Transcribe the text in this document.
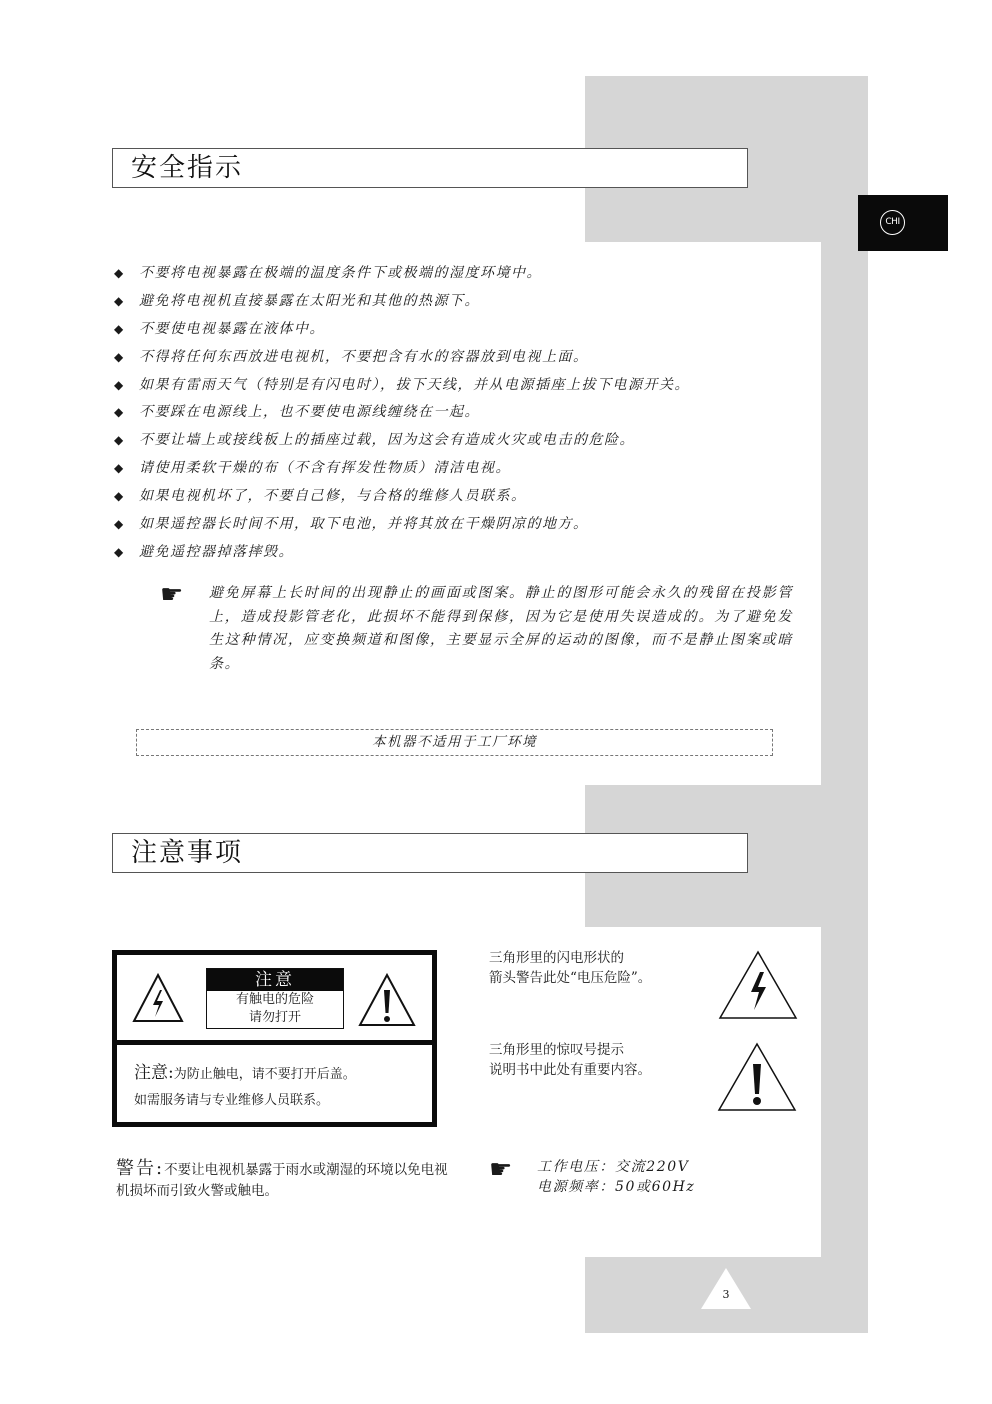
CHI
安全指示
◆ 不要将电视暴露在极端的温度条件下或极端的湿度环境中。
◆ 避免将电视机直接暴露在太阳光和其他的热源下。
◆ 不要使电视暴露在液体中。
◆ 不得将任何东西放进电视机，不要把含有水的容器放到电视上面。
◆ 如果有雷雨天气（特别是有闪电时），拔下天线，并从电源插座上拔下电源开关。
◆ 不要踩在电源线上，也不要使电源线缠绕在一起。
◆ 不要让墙上或接线板上的插座过载，因为这会有造成火灾或电击的危险。
◆ 请使用柔软干燥的布（不含有挥发性物质）清洁电视。
◆ 如果电视机坏了，不要自己修，与合格的维修人员联系。
◆ 如果遥控器长时间不用，取下电池，并将其放在干燥阴凉的地方。
◆ 避免遥控器掉落摔毁。
☛ 避免屏幕上长时间的出现静止的画面或图案。静止的图形可能会永久的残留在投影管上，造成投影管老化，此损坏不能得到保修，因为它是使用失误造成的。为了避免发生这种情况，应变换频道和图像，主要显示全屏的运动的图像，而不是静止图案或暗条。
本机器不适用于工厂环境
注意事项
注意
有触电的危险
请勿打开
注意:为防止触电，请不要打开后盖。
如需服务请与专业维修人员联系。
警告:不要让电视机暴露于雨水或潮湿的环境以免电视机损坏而引致火警或触电。
三角形里的闪电形状的
箭头警告此处“电压危险”。
三角形里的惊叹号提示
说明书中此处有重要内容。
☛ 工作电压：交流220V
电源频率：50或60Hz
3
